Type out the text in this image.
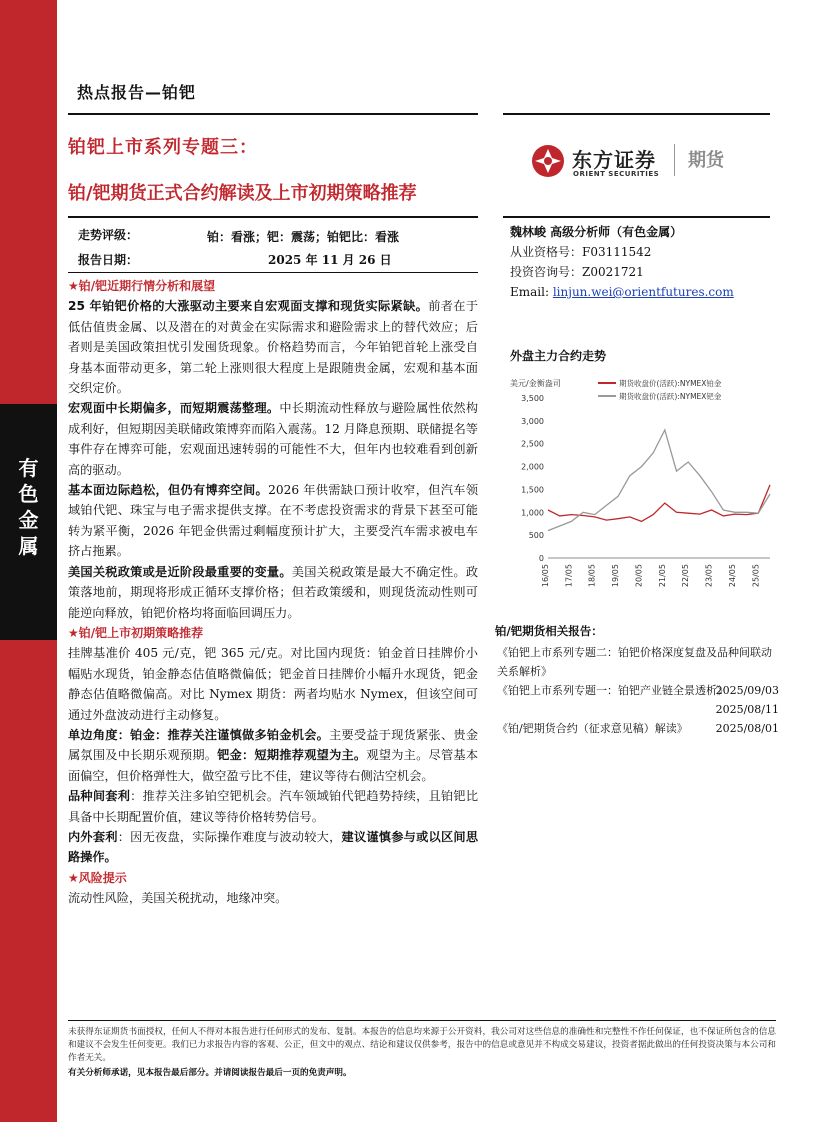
有
色
金
属
热点报告—铂钯
铂钯上市系列专题三：
铂/钯期货正式合约解读及上市初期策略推荐
东方证券
ORIENT SECURITIES
期货
走势评级：	铂：看涨；钯：震荡；铂钯比：看涨
报告日期：	2025 年 11 月 26 日
魏林峻 高级分析师（有色金属）
从业资格号：F03111542
投资咨询号：Z0021721
Email: linjun.wei@orientfutures.com

★铂/钯近期行情分析和展望

25 年铂钯价格的大涨驱动主要来自宏观面支撑和现货实际紧缺。前者在于低估值贵金属、以及潜在的对黄金在实际需求和避险需求上的替代效应；后者则是美国政策担忧引发囤货现象。价格趋势而言，今年铂钯首轮上涨受自身基本面带动更多，第二轮上涨则很大程度上是跟随贵金属，宏观和基本面交织定价。

宏观面中长期偏多，而短期震荡整理。中长期流动性释放与避险属性依然构成利好，但短期因美联储政策博弈而陷入震荡。12 月降息预期、联储提名等事件存在博弈可能，宏观面迅速转弱的可能性不大，但年内也较难看到创新高的驱动。

基本面边际趋松，但仍有博弈空间。2026 年供需缺口预计收窄，但汽车领域铂代钯、珠宝与电子需求提供支撑。在不考虑投资需求的背景下甚至可能转为紧平衡，2026 年钯金供需过剩幅度预计扩大，主要受汽车需求被电车挤占拖累。

美国关税政策或是近阶段最重要的变量。美国关税政策是最大不确定性。政策落地前，期现将形成正循环支撑价格；但若政策缓和，则现货流动性则可能逆向释放，铂钯价格均将面临回调压力。

★铂/钯上市初期策略推荐

挂牌基准价 405 元/克，钯 365 元/克。对比国内现货：铂金首日挂牌价小幅贴水现货，铂金静态估值略微偏低；钯金首日挂牌价小幅升水现货，钯金静态估值略微偏高。对比 Nymex 期货：两者均贴水 Nymex，但该空间可通过外盘波动进行主动修复。

单边角度：铂金：推荐关注谨慎做多铂金机会。主要受益于现货紧张、贵金属氛围及中长期乐观预期。钯金：短期推荐观望为主。观望为主。尽管基本面偏空，但价格弹性大，做空盈亏比不佳，建议等待右侧沽空机会。

品种间套利：推荐关注多铂空钯机会。汽车领域铂代钯趋势持续，且铂钯比具备中长期配置价值，建议等待价格转势信号。

内外套利：因无夜盘，实际操作难度与波动较大，建议谨慎参与或以区间思路操作。

★风险提示

流动性风险，美国关税扰动，地缘冲突。

外盘主力合约走势
美元/金衡盎司
0
500
1,000
1,500
2,000
2,500
3,000
3,500
16/05 17/05 18/05 19/05 20/05 21/05 22/05 23/05 24/05 25/05
期货收盘价(活跃):NYMEX铂金
期货收盘价(活跃):NYMEX钯金
铂/钯期货相关报告：
《铂钯上市系列专题二：铂钯价格深度复盘及品种间联动关系解析》
2025/09/03
《铂钯上市系列专题一：铂钯产业链全景透析》
2025/08/11
《铂/钯期货合约（征求意见稿）解读》	2025/08/01
未获得东证期货书面授权，任何人不得对本报告进行任何形式的发布、复制。本报告的信息均来源于公开资料，我公司对这些信息的准确性和完整性不作任何保证，也不保证所包含的信息和建议不会发生任何变更。我们已力求报告内容的客观、公正，但文中的观点、结论和建议仅供参考，报告中的信息或意见并不构成交易建议，投资者据此做出的任何投资决策与本公司和作者无关。
有关分析师承诺，见本报告最后部分。并请阅读报告最后一页的免责声明。
